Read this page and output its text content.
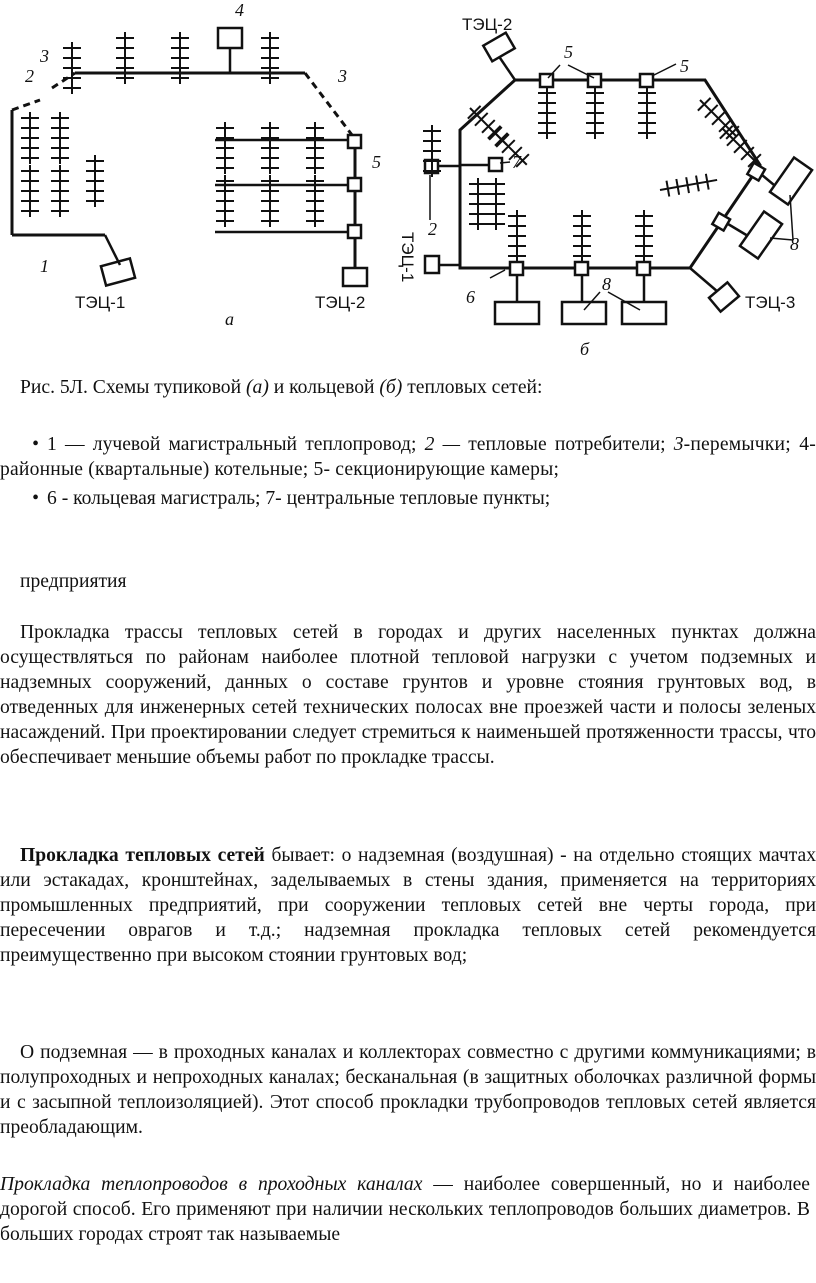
4
3
2	3
5
1
ТЭЦ-1	ТЭЦ-2
а
ТЭЦ-2
5
5
7
2
6
8
8
ТЭЦ-3
б
ТЭЦ-1
Рис. 5Л. Схемы тупиковой (а) и кольцевой (б) тепловых сетей:
• 1 — лучевой магистральный теплопровод; 2 — тепловые потребители; 3-перемычки; 4- районные (квартальные) котельные; 5- секционирующие камеры;
• 6 - кольцевая магистраль; 7- центральные тепловые пункты;
предприятия
Прокладка трассы тепловых сетей в городах и других населенных пунктах должна осуществляться по районам наиболее плотной тепловой нагрузки с учетом подземных и надземных сооружений, данных о составе грунтов и уровне стояния грунтовых вод, в отведенных для инженерных сетей технических полосах вне проезжей части и полосы зеленых насаждений. При проектировании следует стремиться к наименьшей протяженности трассы, что обеспечивает меньшие объемы работ по прокладке трассы.
Прокладка тепловых сетей бывает: о надземная (воздушная) - на отдельно стоящих мачтах или эстакадах, кронштейнах, заделываемых в стены здания, применяется на территориях промышленных предприятий, при сооружении тепловых сетей вне черты города, при пересечении оврагов и т.д.; надземная прокладка тепловых сетей рекомендуется преимущественно при высоком стоянии грунтовых вод;
О подземная — в проходных каналах и коллекторах совместно с другими коммуникациями; в полупроходных и непроходных каналах; бесканальная (в защитных оболочках различной формы и с засыпной теплоизоляцией). Этот способ прокладки трубопроводов тепловых сетей является преобладающим.
Прокладка теплопроводов в проходных каналах — наиболее совершенный, но и наиболее дорогой способ. Его применяют при наличии нескольких теплопроводов больших диаметров. В больших городах строят так называемые
